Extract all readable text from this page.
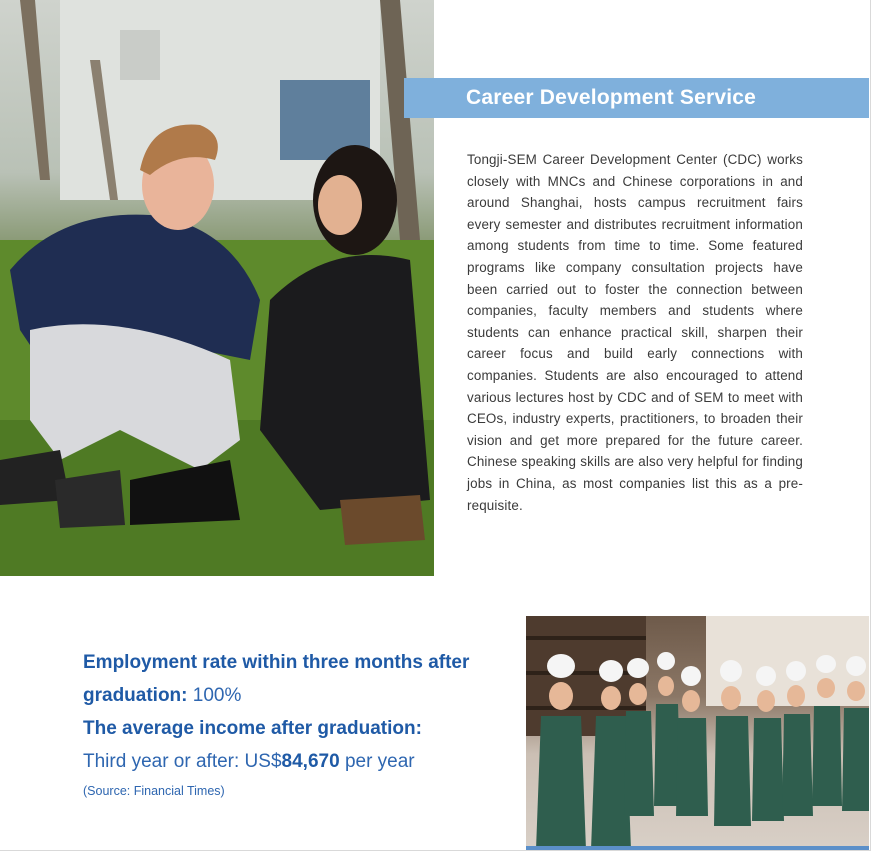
Career Development Service
Tongji-SEM Career Development Center (CDC) works closely with MNCs and Chinese corporations in and around Shanghai, hosts campus recruitment fairs every semester and distributes recruitment information among students from time to time. Some featured programs like company consultation projects have been carried out to foster the connection between companies, faculty members and students where students can enhance practical skill, sharpen their career focus and build early connections with companies. Students are also encouraged to attend various lectures host by CDC and of SEM to meet with CEOs, industry experts, practitioners, to broaden their vision and get more prepared for the future career. Chinese speaking skills are also very helpful for finding jobs in China, as most companies list this as a pre-requisite.
Employment rate within three months after
graduation: 100%
The average income after graduation:
Third year or after: US$84,670 per year
(Source: Financial Times)
